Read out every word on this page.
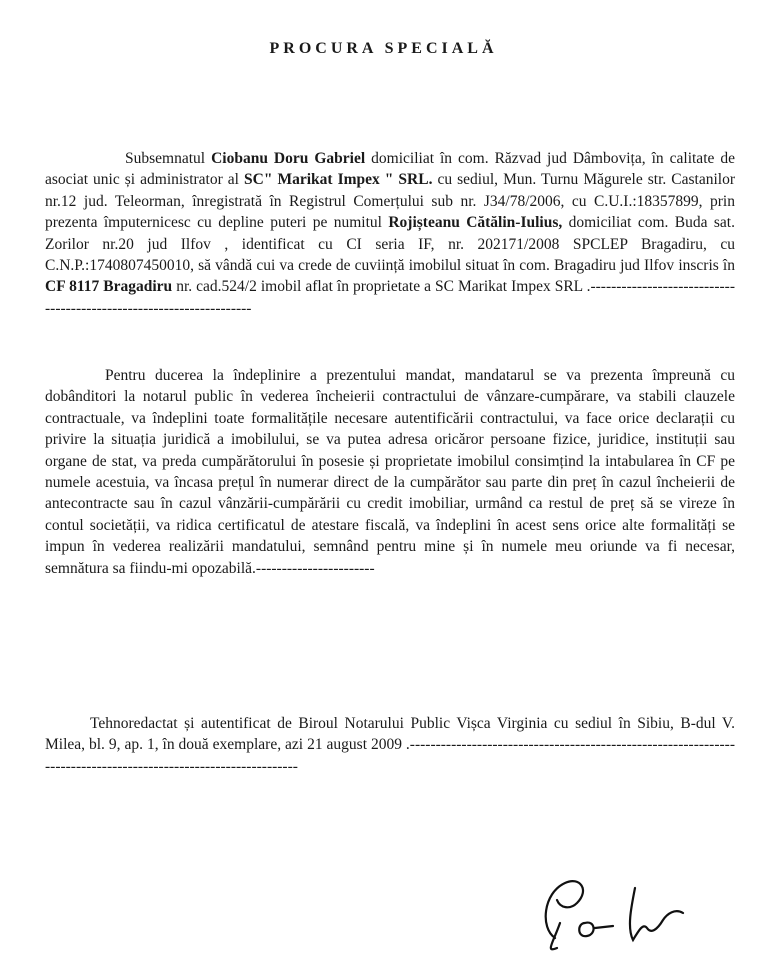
PROCURA SPECIALĂ

Subsemnatul Ciobanu Doru Gabriel domiciliat în com. Răzvad jud Dâmbovița, în calitate de asociat unic și administrator al SC" Marikat Impex " SRL. cu sediul, Mun. Turnu Măgurele str. Castanilor nr.12 jud. Teleorman, înregistrată în Registrul Comerțului sub nr. J34/78/2006, cu C.U.I.:18357899, prin prezenta împuternicesc cu depline puteri pe numitul Rojișteanu Cătălin-Iulius, domiciliat com. Buda sat. Zorilor nr.20 jud Ilfov , identificat cu CI seria IF, nr. 202171/2008 SPCLEP Bragadiru, cu C.N.P.:1740807450010, să vândă cui va crede de cuviință imobilul situat în com. Bragadiru jud Ilfov inscris în CF 8117 Bragadiru nr. cad.524/2 imobil aflat în proprietate a SC Marikat Impex SRL .--------------------------------------------------------------------

Pentru ducerea la îndeplinire a prezentului mandat, mandatarul se va prezenta împreună cu dobânditori la notarul public în vederea încheierii contractului de vânzare-cumpărare, va stabili clauzele contractuale, va îndeplini toate formalitățile necesare autentificării contractului, va face orice declarații cu privire la situația juridică a imobilului, se va putea adresa oricăror persoane fizice, juridice, instituții sau organe de stat, va preda cumpărătorului în posesie și proprietate imobilul consimțind la intabularea în CF pe numele acestuia, va încasa prețul în numerar direct de la cumpărător sau parte din preț în cazul încheierii de antecontracte sau în cazul vânzării-cumpărării cu credit imobiliar, urmând ca restul de preț să se vireze în contul societății, va ridica certificatul de atestare fiscală, va îndeplini în acest sens orice alte formalități se impun în vederea realizării mandatului, semnând pentru mine și în numele meu oriunde va fi necesar, semnătura sa fiindu-mi opozabilă.-----------------------

Tehnoredactat și autentificat de Biroul Notarului Public Vișca Virginia cu sediul în Sibiu, B-dul V. Milea, bl. 9, ap. 1, în două exemplare, azi 21 august 2009 .----------------------------------------------------------------------------------------------------------------
